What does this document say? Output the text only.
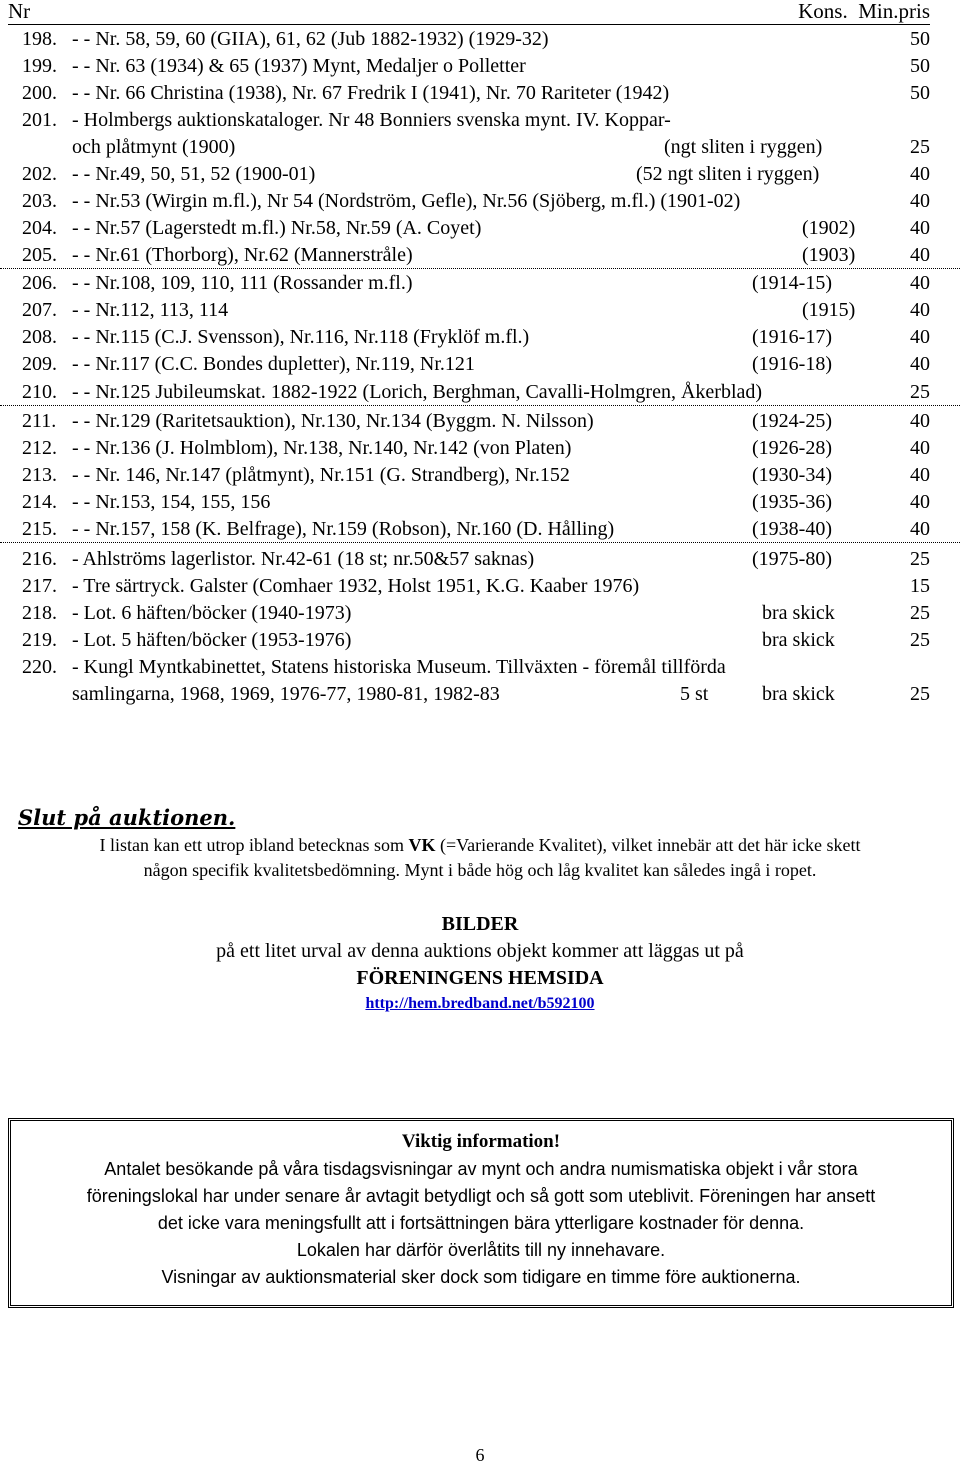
Nr	Kons. Min.pris
198. - - Nr. 58, 59, 60 (GIIA), 61, 62 (Jub 1882-1932) (1929-32)	50
199. - - Nr. 63 (1934) & 65 (1937) Mynt, Medaljer o Polletter	50
200. - - Nr. 66 Christina (1938), Nr. 67 Fredrik I (1941), Nr. 70 Rariteter (1942)	50
201. - Holmbergs auktionskataloger. Nr 48 Bonniers svenska mynt. IV. Koppar-
och plåtmynt (1900)	(ngt sliten i ryggen)	25
202. - - Nr.49, 50, 51, 52 (1900-01)	(52 ngt sliten i ryggen)	40
203. - - Nr.53 (Wirgin m.fl.), Nr 54 (Nordström, Gefle), Nr.56 (Sjöberg, m.fl.) (1901-02)	40
204. - - Nr.57 (Lagerstedt m.fl.) Nr.58, Nr.59 (A. Coyet)	(1902)	40
205. - - Nr.61 (Thorborg), Nr.62 (Mannerstråle)	(1903)	40
206. - - Nr.108, 109, 110, 111 (Rossander m.fl.)	(1914-15)	40
207. - - Nr.112, 113, 114	(1915)	40
208. - - Nr.115 (C.J. Svensson), Nr.116, Nr.118 (Fryklöf m.fl.)	(1916-17)	40
209. - - Nr.117 (C.C. Bondes dupletter), Nr.119, Nr.121	(1916-18)	40
210. - - Nr.125 Jubileumskat. 1882-1922 (Lorich, Berghman, Cavalli-Holmgren, Åkerblad)	25
211. - - Nr.129 (Raritetsauktion), Nr.130, Nr.134 (Byggm. N. Nilsson)	(1924-25)	40
212. - - Nr.136 (J. Holmblom), Nr.138, Nr.140, Nr.142 (von Platen)	(1926-28)	40
213. - - Nr. 146, Nr.147 (plåtmynt), Nr.151 (G. Strandberg), Nr.152	(1930-34)	40
214. - - Nr.153, 154, 155, 156	(1935-36)	40
215. - - Nr.157, 158 (K. Belfrage), Nr.159 (Robson), Nr.160 (D. Hålling)	(1938-40)	40
216. - Ahlströms lagerlistor. Nr.42-61 (18 st; nr.50&57 saknas)	(1975-80)	25
217. - Tre särtryck. Galster (Comhaer 1932, Holst 1951, K.G. Kaaber 1976)	15
218. - Lot. 6 häften/böcker (1940-1973)	bra skick	25
219. - Lot. 5 häften/böcker (1953-1976)	bra skick	25
220. - Kungl Myntkabinettet, Statens historiska Museum. Tillväxten - föremål tillförda
samlingarna, 1968, 1969, 1976-77, 1980-81, 1982-83	5 st	bra skick	25
Slut på auktionen.
I listan kan ett utrop ibland betecknas som VK (=Varierande Kvalitet), vilket innebär att det här icke skett
någon specifik kvalitetsbedömning. Mynt i både hög och låg kvalitet kan således ingå i ropet.
BILDER
på ett litet urval av denna auktions objekt kommer att läggas ut på
FÖRENINGENS HEMSIDA
http://hem.bredband.net/b592100
Viktig information!
Antalet besökande på våra tisdagsvisningar av mynt och andra numismatiska objekt i vår stora
föreningslokal har under senare år avtagit betydligt och så gott som uteblivit. Föreningen har ansett
det icke vara meningsfullt att i fortsättningen bära ytterligare kostnader för denna.
Lokalen har därför överlåtits till ny innehavare.
Visningar av auktionsmaterial sker dock som tidigare en timme före auktionerna.
6
